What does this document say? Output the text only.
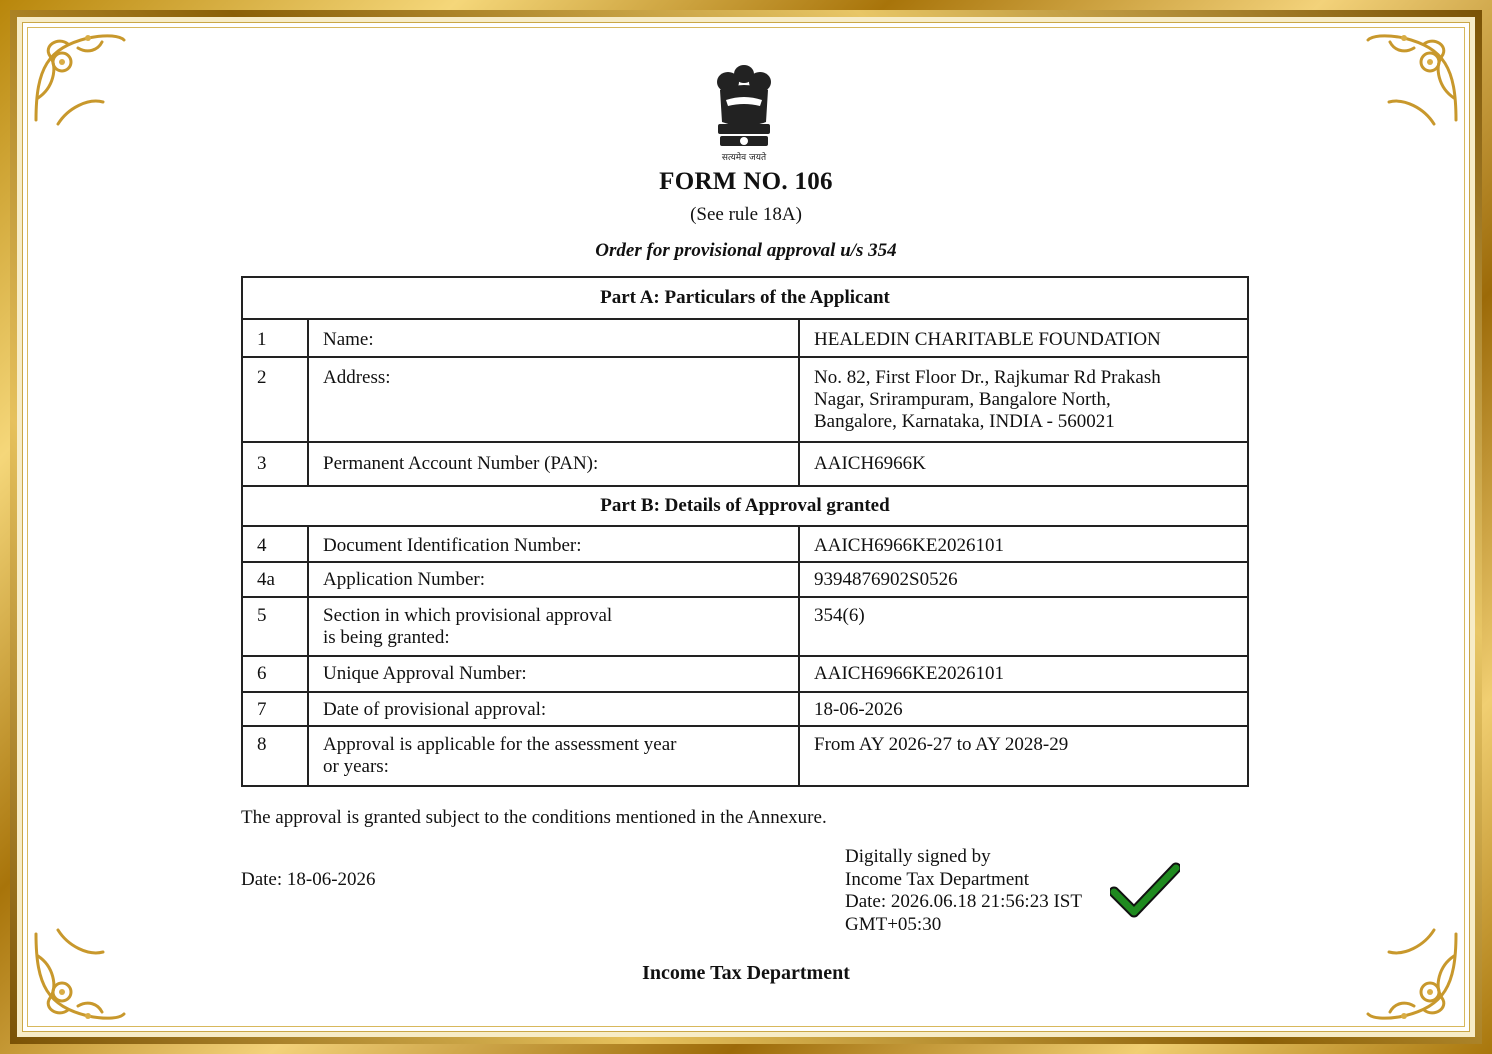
सत्यमेव जयते
FORM NO. 106
(See rule 18A)
Order for provisional approval u/s 354
Part A: Particulars of the Applicant		
1	Name:	HEALEDIN CHARITABLE FOUNDATION
2	Address:	No. 82, First Floor Dr., Rajkumar Rd Prakash
Nagar, Srirampuram, Bangalore North,
Bangalore, Karnataka, INDIA - 560021

3	Permanent Account Number (PAN):	AAICH6966K
Part B: Details of Approval granted		
4	Document Identification Number:	AAICH6966KE2026101
4a	Application Number:	9394876902S0526
5	Section in which provisional approval
is being granted:	354(6)
6	Unique Approval Number:	AAICH6966KE2026101
7	Date of provisional approval:	18-06-2026
8	Approval is applicable for the assessment year
or years:	From AY 2026-27 to AY 2028-29
The approval is granted subject to the conditions mentioned in the Annexure.
Date: 18-06-2026
Digitally signed by
Income Tax Department
Date: 2026.06.18 21:56:23 IST
GMT+05:30
Income Tax Department
